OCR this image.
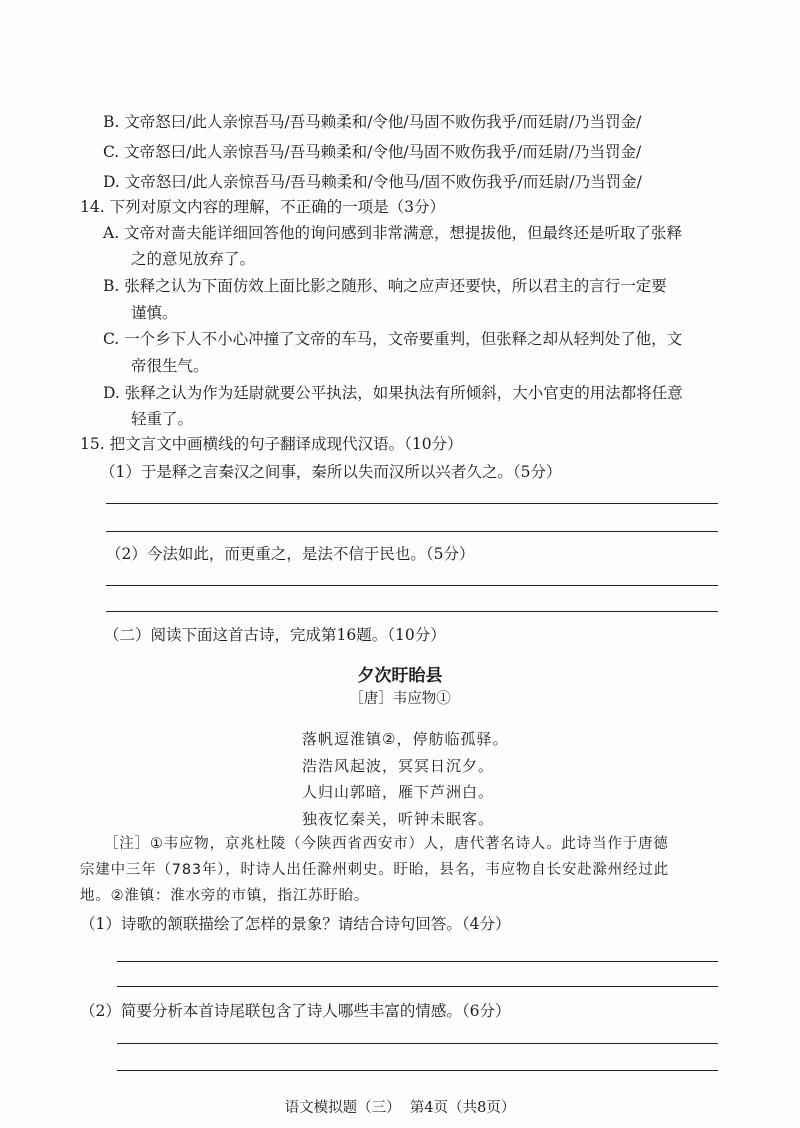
B. 文帝怒曰/此人亲惊吾马/吾马赖柔和/令他/马固不败伤我乎/而廷尉/乃当罚金/
C. 文帝怒曰/此人亲惊吾马/吾马赖柔和/令他/马固不败伤我乎/而廷尉/乃当罚金/
D. 文帝怒曰/此人亲惊吾马/吾马赖柔和/令他马/固不败伤我乎/而廷尉/乃当罚金/
14. 下列对原文内容的理解，不正确的一项是（3分）
A. 文帝对啬夫能详细回答他的询问感到非常满意，想提拔他，但最终还是听取了张释
之的意见放弃了。
B. 张释之认为下面仿效上面比影之随形、响之应声还要快，所以君主的言行一定要
谨慎。
C. 一个乡下人不小心冲撞了文帝的车马，文帝要重判，但张释之却从轻判处了他，文
帝很生气。
D. 张释之认为作为廷尉就要公平执法，如果执法有所倾斜，大小官吏的用法都将任意
轻重了。
15. 把文言文中画横线的句子翻译成现代汉语。（10分）
（1）于是释之言秦汉之间事，秦所以失而汉所以兴者久之。（5分）
（2）今法如此，而更重之，是法不信于民也。（5分）
（二）阅读下面这首古诗，完成第16题。（10分）
夕次盱眙县
［唐］韦应物①
落帆逗淮镇②，停舫临孤驿。
浩浩风起波，冥冥日沉夕。
人归山郭暗，雁下芦洲白。
独夜忆秦关，听钟未眠客。
［注］①韦应物，京兆杜陵（今陕西省西安市）人，唐代著名诗人。此诗当作于唐德
宗建中三年（783年），时诗人出任滁州刺史。盱眙，县名，韦应物自长安赴滁州经过此
地。②淮镇：淮水旁的市镇，指江苏盱眙。
（1）诗歌的颔联描绘了怎样的景象？请结合诗句回答。（4分）
（2）简要分析本首诗尾联包含了诗人哪些丰富的情感。（6分）
语文模拟题（三）  第4页（共8页）
